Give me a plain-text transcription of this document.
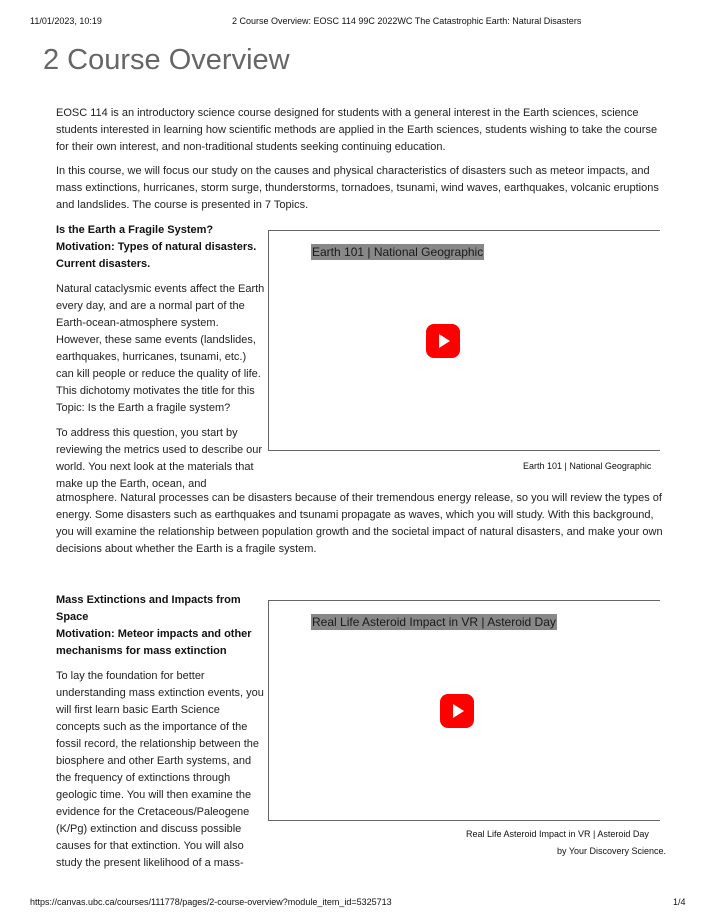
11/01/2023, 10:19	2 Course Overview: EOSC 114 99C 2022WC The Catastrophic Earth: Natural Disasters
2 Course Overview

EOSC 114 is an introductory science course designed for students with a general interest in the Earth sciences, science students interested in learning how scientific methods are applied in the Earth sciences, students wishing to take the course for their own interest, and non-traditional students seeking continuing education.

In this course, we will focus our study on the causes and physical characteristics of disasters such as meteor impacts, and mass extinctions, hurricanes, storm surge, thunderstorms, tornadoes, tsunami, wind waves, earthquakes, volcanic eruptions and landslides. The course is presented in 7 Topics.

Is the Earth a Fragile System?
Motivation: Types of natural disasters.
Current disasters.

Natural cataclysmic events affect the Earth every day, and are a normal part of the Earth-ocean-atmosphere system. However, these same events (landslides, earthquakes, hurricanes, tsunami, etc.) can kill people or reduce the quality of life. This dichotomy motivates the title for this Topic: Is the Earth a fragile system?

To address this question, you start by reviewing the metrics used to describe our world. You next look at the materials that make up the Earth, ocean, and

Earth 101 | National Geographic
Earth 101 | National Geographic

atmosphere. Natural processes can be disasters because of their tremendous energy release, so you will review the types of energy. Some disasters such as earthquakes and tsunami propagate as waves, which you will study. With this background, you will examine the relationship between population growth and the societal impact of natural disasters, and make your own decisions about whether the Earth is a fragile system.

Mass Extinctions and Impacts from
Space
Motivation: Meteor impacts and other
mechanisms for mass extinction

To lay the foundation for better understanding mass extinction events, you will first learn basic Earth Science concepts such as the importance of the fossil record, the relationship between the biosphere and other Earth systems, and the frequency of extinctions through geologic time. You will then examine the evidence for the Cretaceous/Paleogene (K/Pg) extinction and discuss possible causes for that extinction. You will also study the present likelihood of a mass-

Real Life Asteroid Impact in VR | Asteroid Day
Real Life Asteroid Impact in VR | Asteroid Day
by Your Discovery Science.
https://canvas.ubc.ca/courses/111778/pages/2-course-overview?module_item_id=5325713	1/4
